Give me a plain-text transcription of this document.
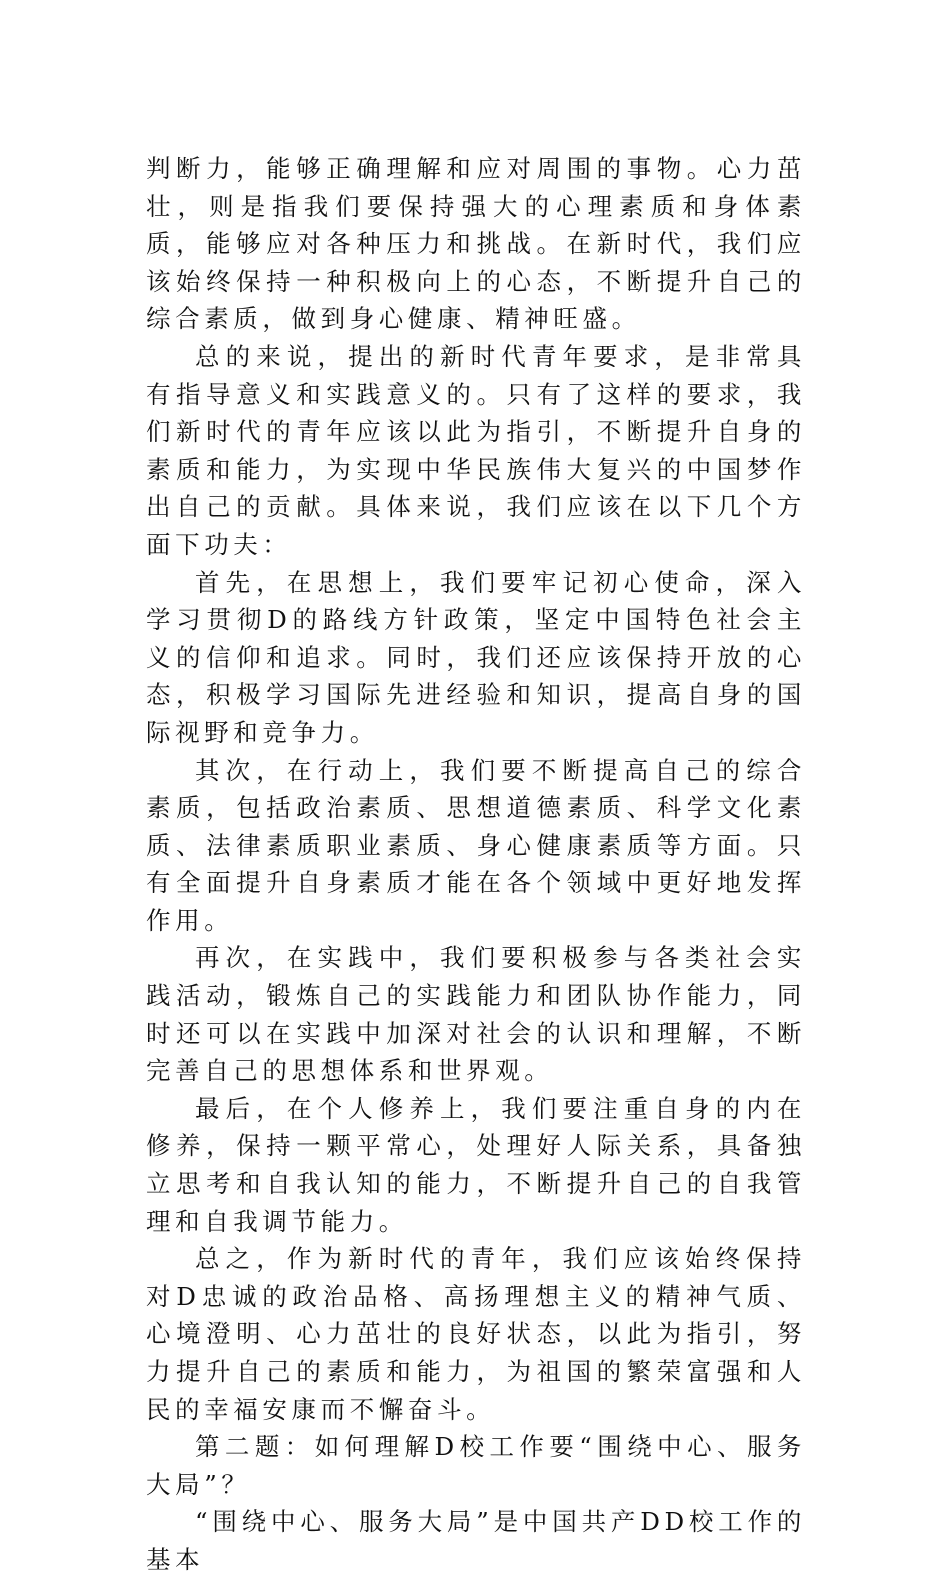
判断力，能够正确理解和应对周围的事物。心力茁壮，则是指我们要保持强大的心理素质和身体素质，能够应对各种压力和挑战。在新时代，我们应该始终保持一种积极向上的心态，不断提升自己的综合素质，做到身心健康、精神旺盛。

总的来说，提出的新时代青年要求，是非常具有指导意义和实践意义的。只有了这样的要求，我们新时代的青年应该以此为指引，不断提升自身的素质和能力，为实现中华民族伟大复兴的中国梦作出自己的贡献。具体来说，我们应该在以下几个方面下功夫：

首先，在思想上，我们要牢记初心使命，深入学习贯彻D的路线方针政策，坚定中国特色社会主义的信仰和追求。同时，我们还应该保持开放的心态，积极学习国际先进经验和知识，提高自身的国际视野和竞争力。

其次，在行动上，我们要不断提高自己的综合素质，包括政治素质、思想道德素质、科学文化素质、法律素质职业素质、身心健康素质等方面。只有全面提升自身素质才能在各个领域中更好地发挥作用。

再次，在实践中，我们要积极参与各类社会实践活动，锻炼自己的实践能力和团队协作能力，同时还可以在实践中加深对社会的认识和理解，不断完善自己的思想体系和世界观。

最后，在个人修养上，我们要注重自身的内在修养，保持一颗平常心，处理好人际关系，具备独立思考和自我认知的能力，不断提升自己的自我管理和自我调节能力。

总之，作为新时代的青年，我们应该始终保持对D忠诚的政治品格、高扬理想主义的精神气质、心境澄明、心力茁壮的良好状态，以此为指引，努力提升自己的素质和能力，为祖国的繁荣富强和人民的幸福安康而不懈奋斗。

第二题：如何理解D校工作要“围绕中心、服务大局”？

“围绕中心、服务大局”是中国共产DD校工作的基本
